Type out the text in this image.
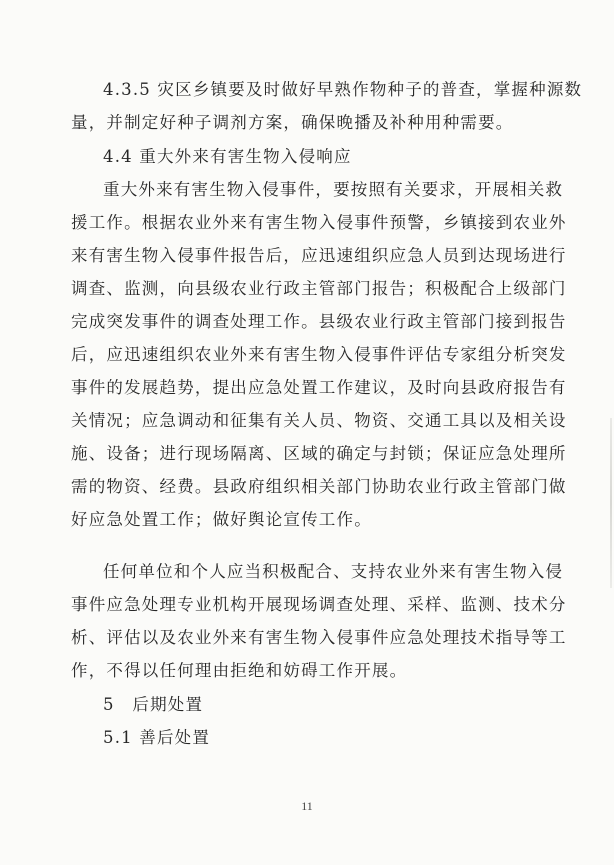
4.3.5 灾区乡镇要及时做好早熟作物种子的普查，掌握种源数
量，并制定好种子调剂方案，确保晚播及补种用种需要。
4.4 重大外来有害生物入侵响应
重大外来有害生物入侵事件，要按照有关要求，开展相关救
援工作。根据农业外来有害生物入侵事件预警，乡镇接到农业外
来有害生物入侵事件报告后，应迅速组织应急人员到达现场进行
调查、监测，向县级农业行政主管部门报告；积极配合上级部门
完成突发事件的调查处理工作。县级农业行政主管部门接到报告
后，应迅速组织农业外来有害生物入侵事件评估专家组分析突发
事件的发展趋势，提出应急处置工作建议，及时向县政府报告有
关情况；应急调动和征集有关人员、物资、交通工具以及相关设
施、设备；进行现场隔离、区域的确定与封锁；保证应急处理所
需的物资、经费。县政府组织相关部门协助农业行政主管部门做
好应急处置工作；做好舆论宣传工作。
任何单位和个人应当积极配合、支持农业外来有害生物入侵
事件应急处理专业机构开展现场调查处理、采样、监测、技术分
析、评估以及农业外来有害生物入侵事件应急处理技术指导等工
作，不得以任何理由拒绝和妨碍工作开展。
5　后期处置
5.1 善后处置
11
